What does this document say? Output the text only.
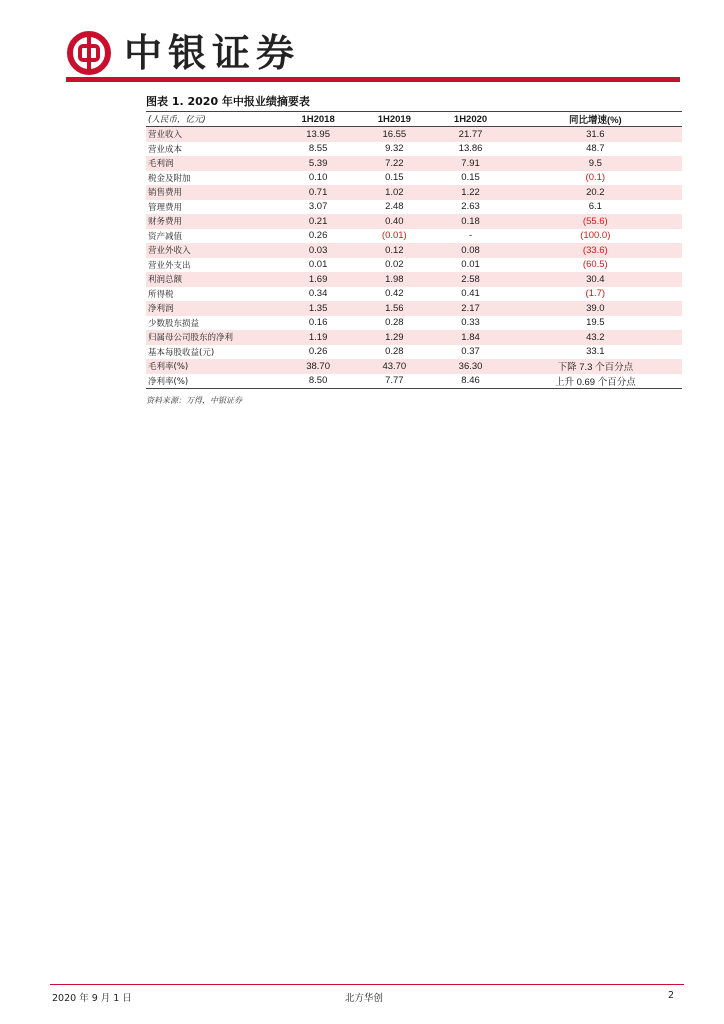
中银证券

图表 1. 2020 年中报业绩摘要表

(人民币，亿元)	1H2018	1H2019	1H2020	同比增速(%)
营业收入	13.95	16.55	21.77	31.6
营业成本	8.55	9.32	13.86	48.7
毛利润	5.39	7.22	7.91	9.5
税金及附加	0.10	0.15	0.15	(0.1)
销售费用	0.71	1.02	1.22	20.2
管理费用	3.07	2.48	2.63	6.1
财务费用	0.21	0.40	0.18	(55.6)
资产减值	0.26	(0.01)	-	(100.0)
营业外收入	0.03	0.12	0.08	(33.6)
营业外支出	0.01	0.02	0.01	(60.5)
利润总额	1.69	1.98	2.58	30.4
所得税	0.34	0.42	0.41	(1.7)
净利润	1.35	1.56	2.17	39.0
少数股东损益	0.16	0.28	0.33	19.5
归属母公司股东的净利	1.19	1.29	1.84	43.2
基本每股收益(元)	0.26	0.28	0.37	33.1
毛利率(%)	38.70	43.70	36.30	下降 7.3 个百分点
净利率(%)	8.50	7.77	8.46	上升 0.69 个百分点

资料来源：万得，中银证券

2020 年 9 月 1 日	北方华创	2
